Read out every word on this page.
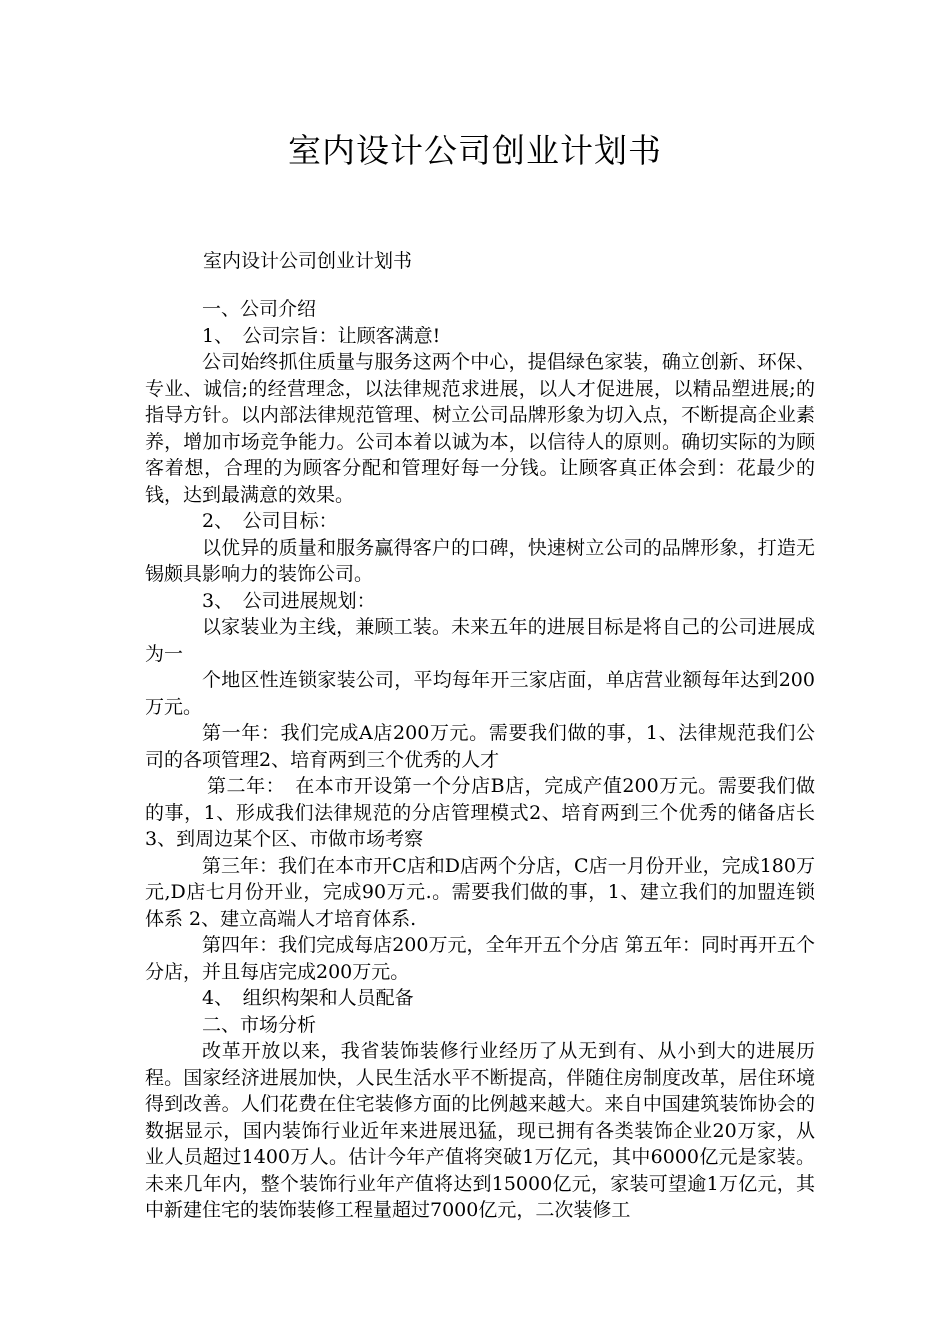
室内设计公司创业计划书

室内设计公司创业计划书

一、公司介绍

1、　公司宗旨：让顾客满意!

公司始终抓住质量与服务这两个中心，提倡绿色家装，确立创新、环保、专业、诚信;的经营理念，以法律规范求进展，以人才促进展，以精品塑进展;的指导方针。以内部法律规范管理、树立公司品牌形象为切入点，不断提高企业素养，增加市场竞争能力。公司本着以诚为本，以信待人的原则。确切实际的为顾客着想，合理的为顾客分配和管理好每一分钱。让顾客真正体会到：花最少的钱，达到最满意的效果。

2、　公司目标：

以优异的质量和服务赢得客户的口碑，快速树立公司的品牌形象，打造无锡颇具影响力的装饰公司。

3、　公司进展规划：

以家装业为主线，兼顾工装。未来五年的进展目标是将自己的公司进展成为一

个地区性连锁家装公司，平均每年开三家店面，单店营业额每年达到200万元。

第一年：我们完成A店200万元。需要我们做的事，1、法律规范我们公司的各项管理2、培育两到三个优秀的人才

第二年：　在本市开设第一个分店B店，完成产值200万元。需要我们做的事，1、形成我们法律规范的分店管理模式2、培育两到三个优秀的储备店长 3、到周边某个区、市做市场考察

第三年：我们在本市开C店和D店两个分店，C店一月份开业，完成180万元,D店七月份开业，完成90万元.。需要我们做的事，1、建立我们的加盟连锁体系 2、建立高端人才培育体系.

第四年：我们完成每店200万元，全年开五个分店 第五年：同时再开五个分店，并且每店完成200万元。

4、　组织构架和人员配备

二、市场分析

改革开放以来，我省装饰装修行业经历了从无到有、从小到大的进展历程。国家经济进展加快，人民生活水平不断提高，伴随住房制度改革，居住环境得到改善。人们花费在住宅装修方面的比例越来越大。来自中国建筑装饰协会的数据显示，国内装饰行业近年来进展迅猛，现已拥有各类装饰企业20万家，从业人员超过1400万人。估计今年产值将突破1万亿元，其中6000亿元是家装。未来几年内，整个装饰行业年产值将达到15000亿元，家装可望逾1万亿元，其中新建住宅的装饰装修工程量超过7000亿元，二次装修工
